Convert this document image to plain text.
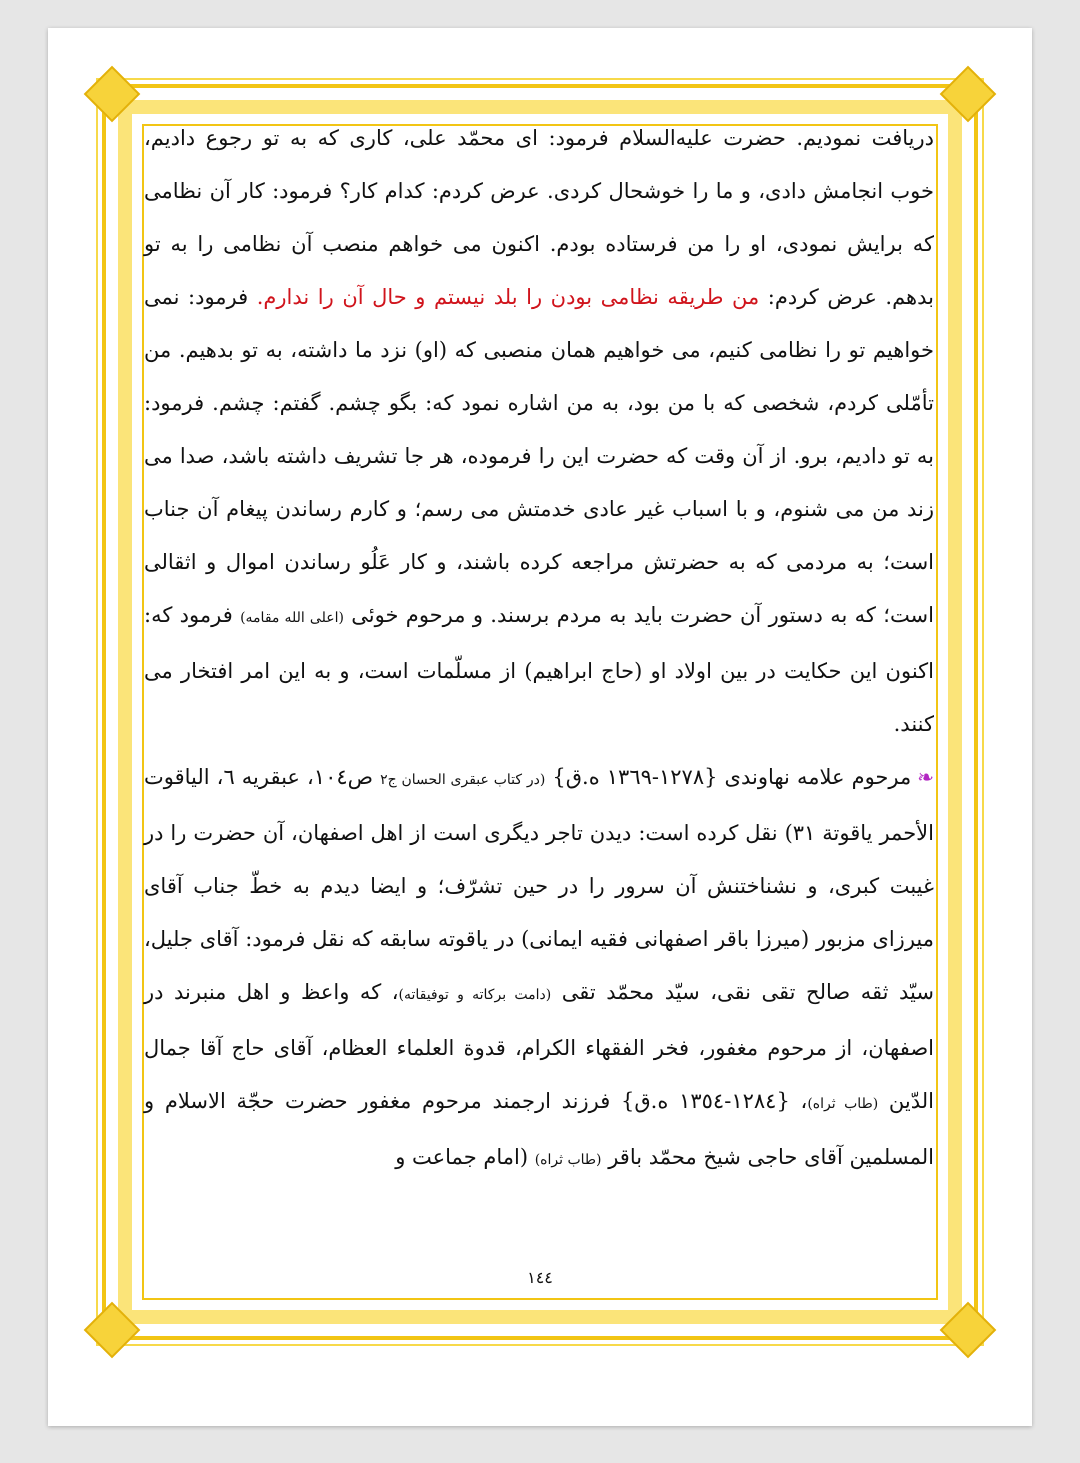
دریافت نمودیم. حضرت عليه‌السلام فرمود: ای محمّد علی، کاری که به تو رجوع دادیم، خوب انجامش دادی، و ما را خوشحال کردی. عرض کردم: کدام کار؟ فرمود: کار آن نظامی که برایش نمودی، او را من فرستاده بودم. اکنون می خواهم منصب آن نظامی را به تو بدهم. عرض کردم: من طریقه نظامی بودن را بلد نیستم و حال آن را ندارم. فرمود: نمی خواهیم تو را نظامی کنیم، می خواهیم همان منصبی که (او) نزد ما داشته، به تو بدهیم. من تأمّلی کردم، شخصی که با من بود، به من اشاره نمود که: بگو چشم. گفتم: چشم. فرمود: به تو دادیم، برو. از آن وقت که حضرت این را فرموده، هر جا تشریف داشته باشد، صدا می زند من می شنوم، و با اسباب غیر عادی خدمتش می رسم؛ و کارم رساندن پیغام آن جناب است؛ به مردمی که به حضرتش مراجعه کرده باشند، و کار عَلُو رساندن اموال و اثقالی است؛ که به دستور آن حضرت باید به مردم برسند. و مرحوم خوئی (اعلی الله مقامه) فرمود که: اکنون این حکایت در بین اولاد او (حاج ابراهیم) از مسلّمات است، و به این امر افتخار می کنند.

❧مرحوم علامه نهاوندی {١٢٧٨-١٣٦٩ ه.ق} (در کتاب عبقری الحسان ج۲ ص١٠٤، عبقریه ٦، الیاقوت الأحمر یاقوتة ٣١) نقل کرده است: دیدن تاجر دیگری است از اهل اصفهان، آن حضرت را در غیبت کبری، و نشناختنش آن سرور را در حین تشرّف؛ و ایضا دیدم به خطّ جناب آقای میرزای مزبور (میرزا باقر اصفهانی فقیه ایمانی) در یاقوته سابقه که نقل فرمود: آقای جلیل، سیّد ثقه صالح تقی نقی، سیّد محمّد تقی (دامت برکاته و توفیقاته)، که واعظ و اهل منبرند در اصفهان، از مرحوم مغفور، فخر الفقهاء الکرام، قدوة العلماء العظام، آقای حاج آقا جمال الدّین (طاب ثراه)، {١٢٨٤-١٣٥٤ ه.ق} فرزند ارجمند مرحوم مغفور حضرت حجّة الاسلام و المسلمین آقای حاجی شیخ محمّد باقر (طاب ثراه) (امام جماعت و

١٤٤
